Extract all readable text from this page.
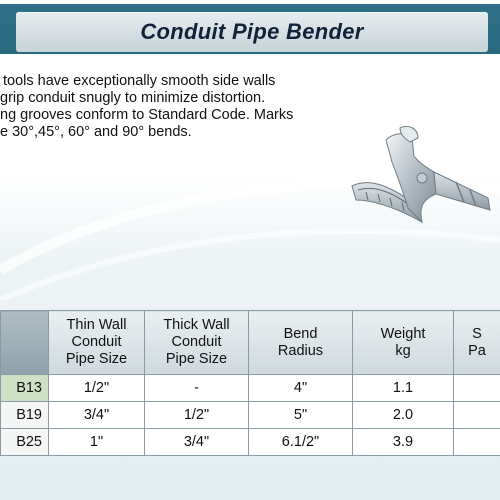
Conduit Pipe Bender
tools have exceptionally smooth side walls
grip conduit snugly to minimize distortion.
ng grooves conform to Standard Code. Marks
e 30°,45°, 60° and 90° bends.

	Thin Wall
Conduit
Pipe Size	Thick Wall
Conduit
Pipe Size	Bend
Radius	Weight
kg	S
Pa

B13	1/2"	-	4"	1.1	
B19	3/4"	1/2"	5"	2.0	
B25	1"	3/4"	6.1/2"	3.9	
